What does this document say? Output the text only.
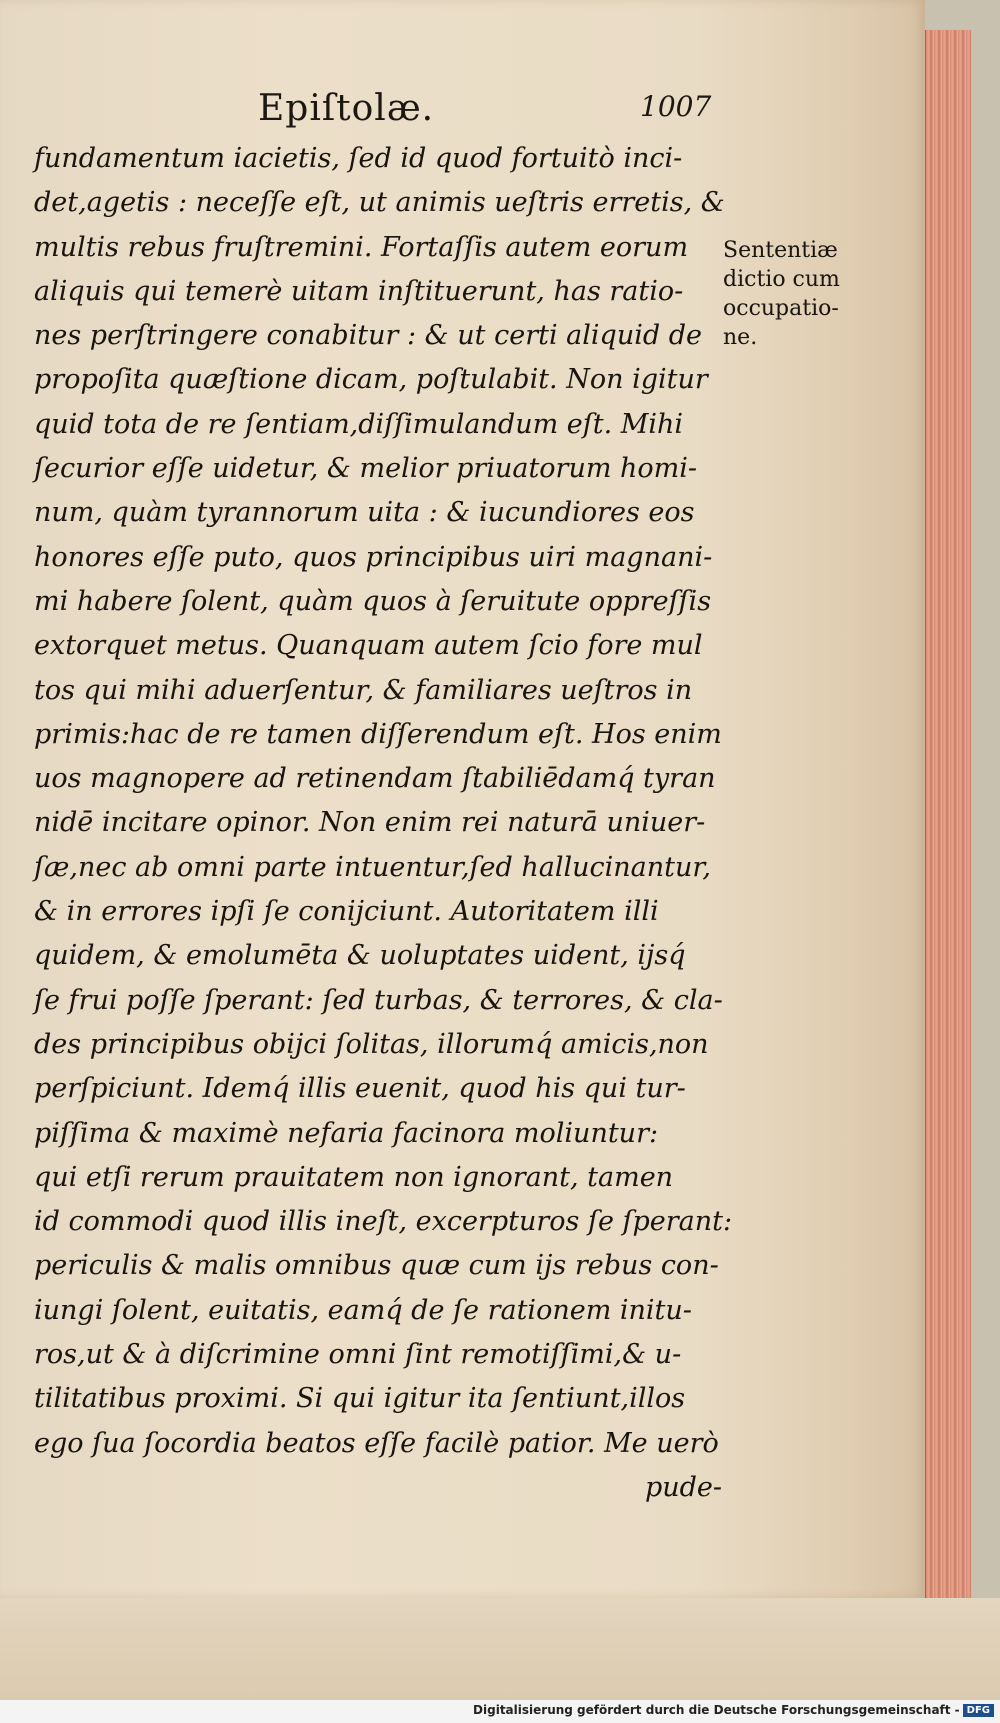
Epiſtolæ.	1007
fundamentum iacietis, ſed id quod fortuitò inci-
det,agetis : neceſſe eſt, ut animis ueſtris erretis, &
multis rebus fruſtremini. Fortaſſis autem eorum
aliquis qui temerè uitam inſtituerunt, has ratio-
nes perſtringere conabitur : & ut certi aliquid de
propoſita quæſtione dicam, poſtulabit. Non igitur
quid tota de re ſentiam,diſſimulandum eſt. Mihi
ſecurior eſſe uidetur, & melior priuatorum homi-
num, quàm tyrannorum uita : & iucundiores eos
honores eſſe puto, quos principibus uiri magnani-
mi habere ſolent, quàm quos à ſeruitute oppreſſis
extorquet metus. Quanquam autem ſcio fore mul
tos qui mihi aduerſentur, & familiares ueſtros in
primis:hac de re tamen diſſerendum eſt. Hos enim
uos magnopere ad retinendam ſtabiliēdamq́ tyran
nidē incitare opinor. Non enim rei naturā uniuer-
ſæ,nec ab omni parte intuentur,ſed hallucinantur,
& in errores ipſi ſe conijciunt. Autoritatem illi
quidem, & emolumēta & uoluptates uident, ijsq́
ſe frui poſſe ſperant: ſed turbas, & terrores, & cla-
des principibus obijci ſolitas, illorumq́ amicis,non
perſpiciunt. Idemq́ illis euenit, quod his qui tur-
piſſima & maximè nefaria facinora moliuntur:
qui etſi rerum prauitatem non ignorant, tamen
id commodi quod illis ineſt, excerpturos ſe ſperant:
periculis & malis omnibus quæ cum ijs rebus con-
iungi ſolent, euitatis, eamq́ de ſe rationem initu-
ros,ut & à diſcrimine omni ſint remotiſſimi,& u-
tilitatibus proximi. Si qui igitur ita ſentiunt,illos
ego ſua ſocordia beatos eſſe facilè patior. Me uerò
pude-
Sententiæ
dictio cum
occupatio-
ne.
Digitalisierung gefördert durch die Deutsche Forschungsgemeinschaft - DFG
